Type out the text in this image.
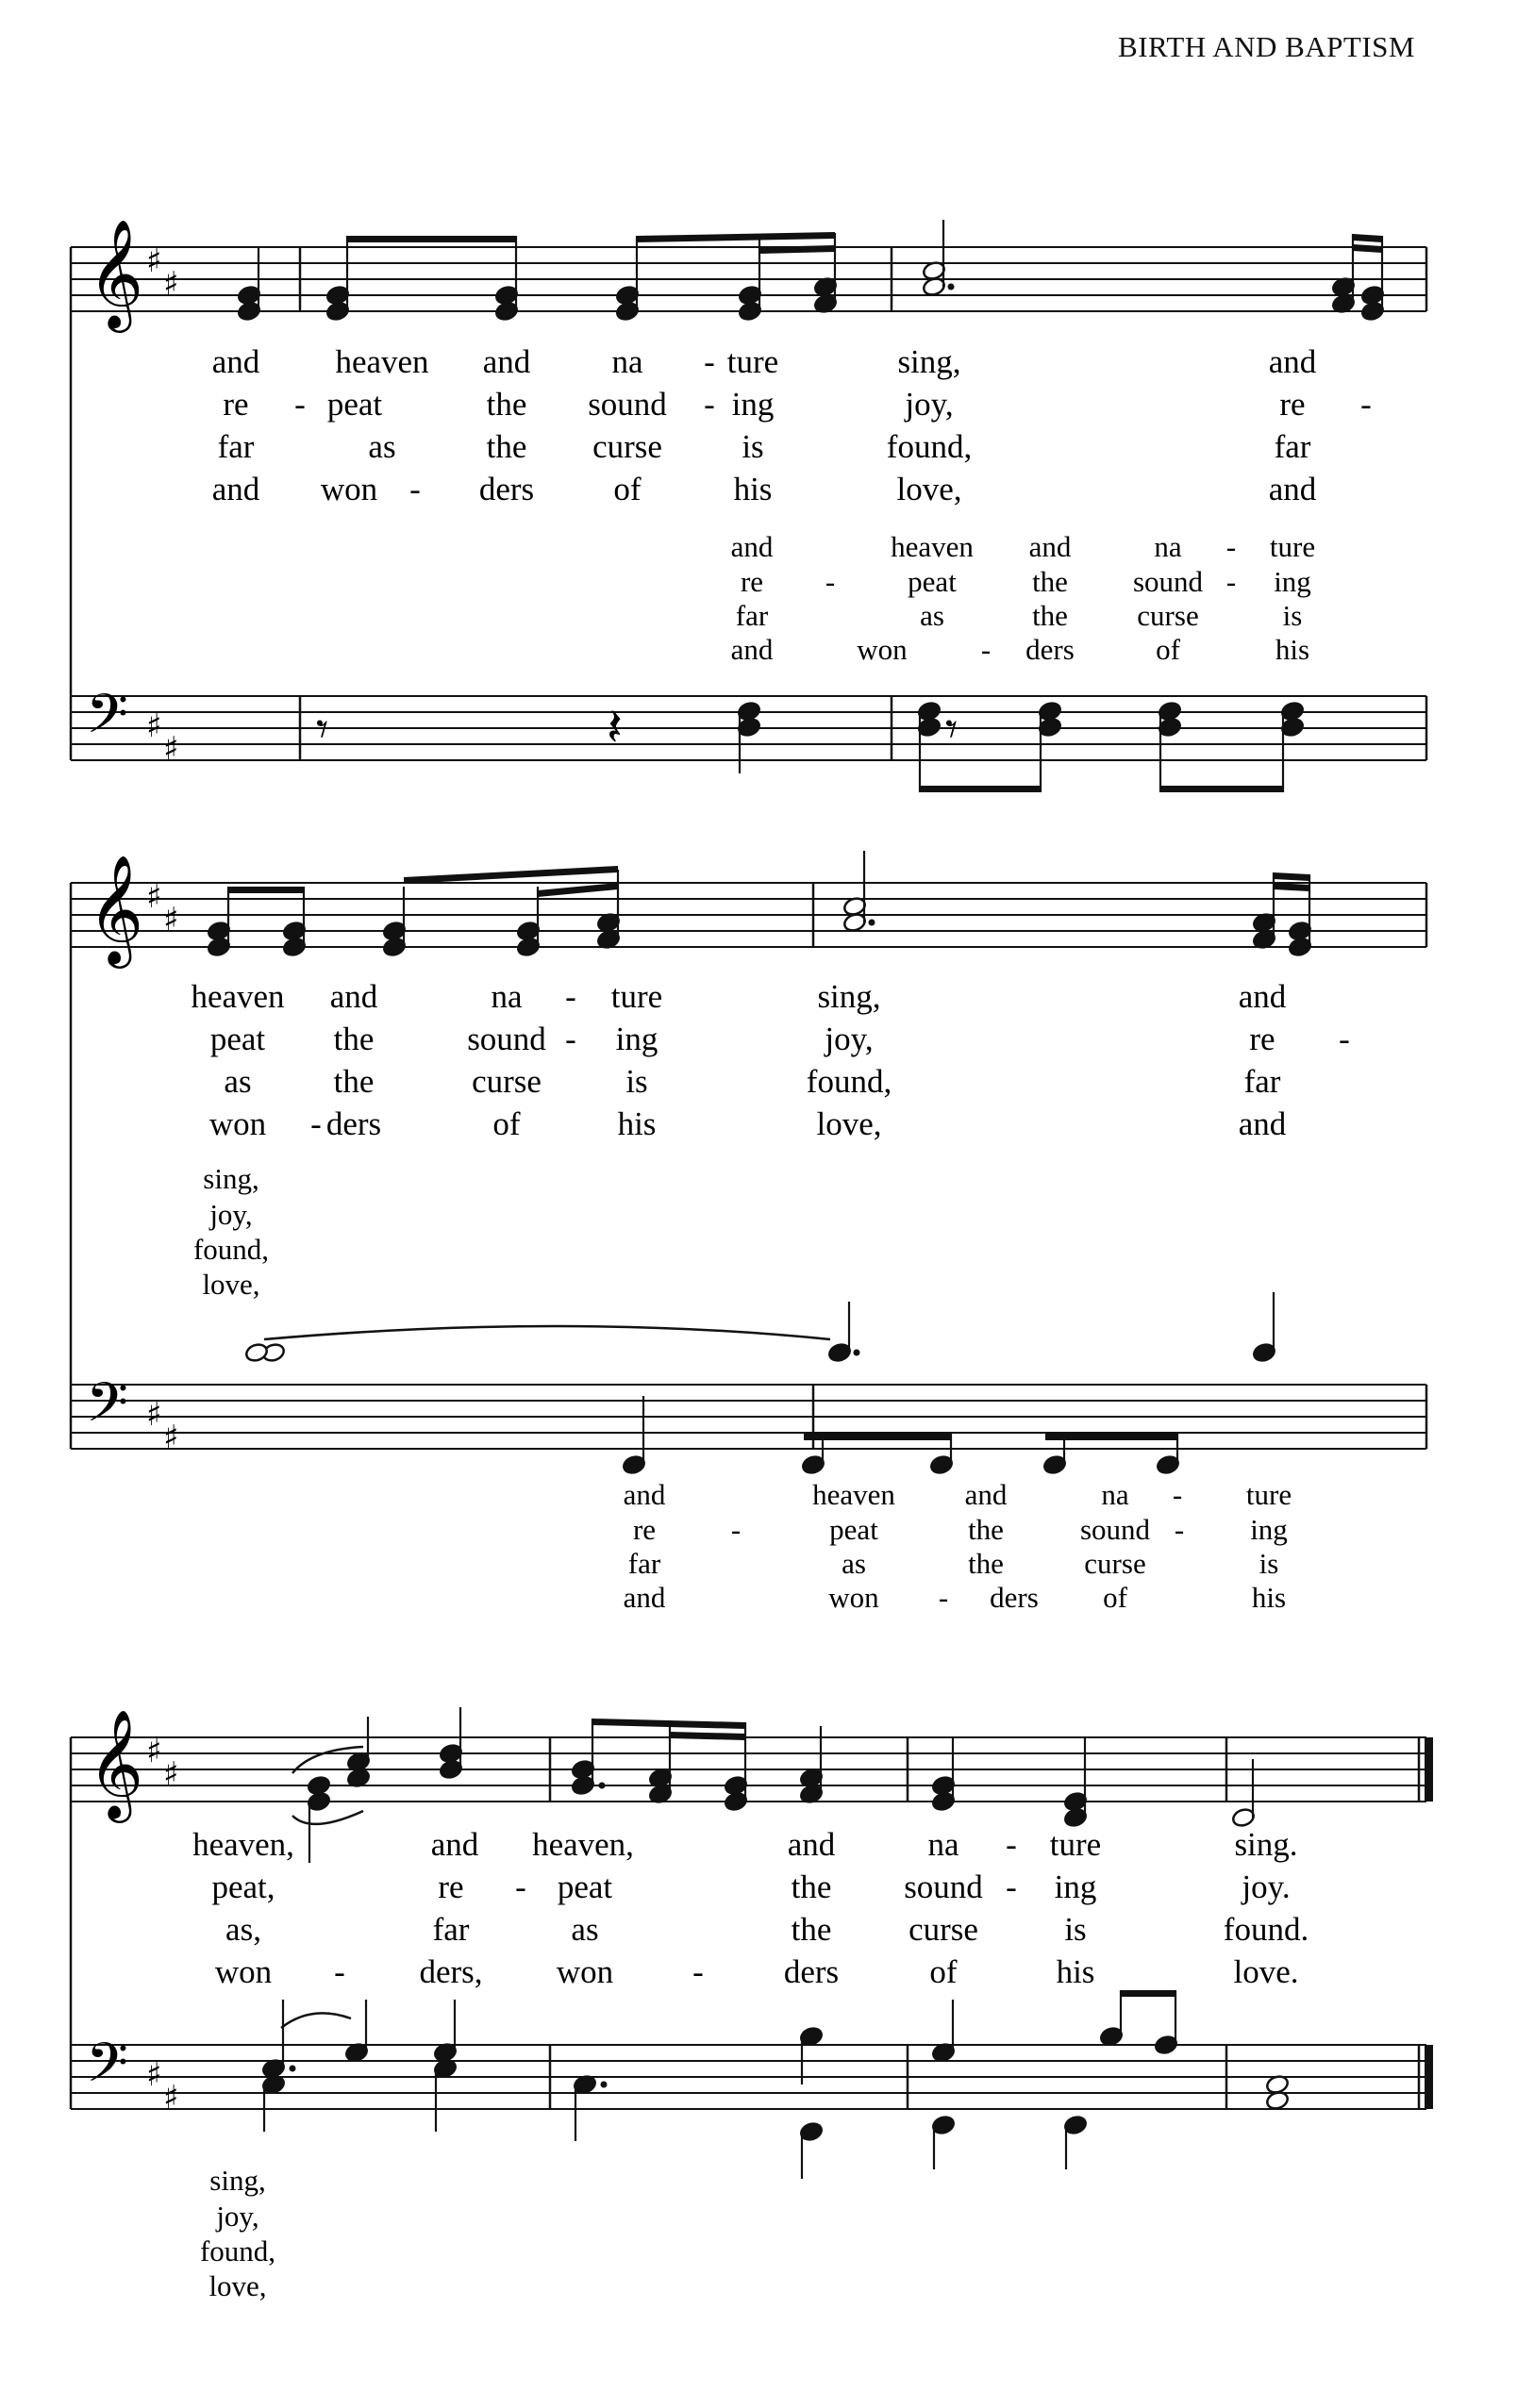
BIRTH AND BAPTISM
𝄞 ♯
♯
𝄢 ♯
♯	𝄾	𝄽	𝄾
𝄞 ♯
♯
𝄢 ♯
♯
𝄞 ♯
♯
𝄢 ♯
♯
and heaven and na - ture	sing,	and
re - peat	the sound - ing	joy,	re -
far	as	the curse is	found,	far
and won - ders of	his	love,	and
and	heaven and	na - ture
re - peat	the sound - ing
far	as	the curse	is
and	won	- ders	of	his
heaven and	na - ture	sing,	and
peat the	sound - ing	joy,	re -
as the	curse	is	found,	far
won - ders	of	his	love,	and
sing,
joy,
found,
love,
and	heaven and	na - ture
re	-	peat	the	sound - ing
far	as	the	curse	is
and	won - ders of	his
heaven,	and heaven,	and	na - ture	sing.
peat,	re - peat	the sound - ing	joy.
as,	far	as	the curse	is	found.
won - ders, won - ders	of	his	love.
sing,
joy,
found,
love,
